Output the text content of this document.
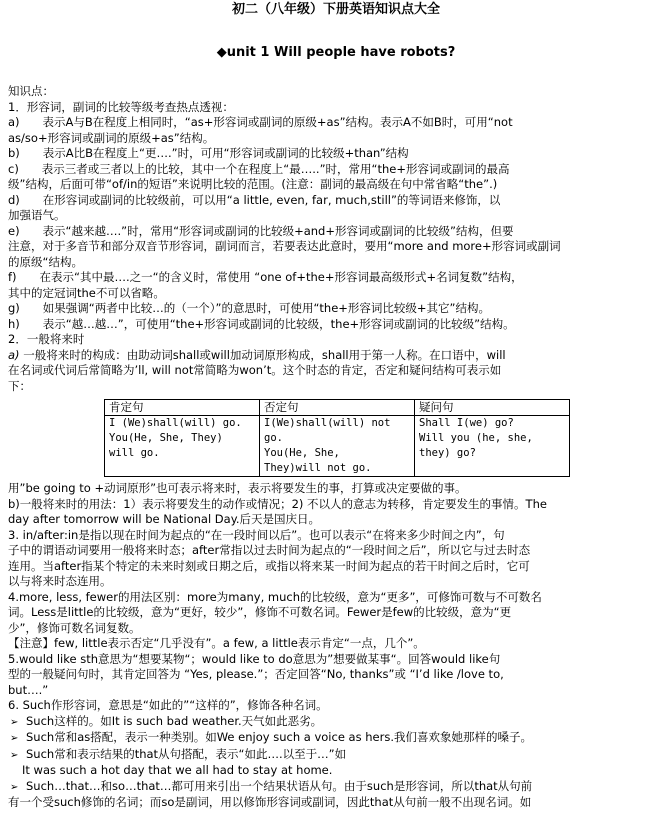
初二（八年级）下册英语知识点大全
◆unit 1 Will people have robots?

知识点：

1．形容词，副词的比较等级考查热点透视：

a)　　表示A与B在程度上相同时，“as+形容词或副词的原级+as”结构。表示A不如B时，可用“not

as/so+形容词或副词的原级+as”结构。

b)　　表示A比B在程度上“更….”时，可用“形容词或副词的比较级+than”结构

c)　　表示三者或三者以上的比较，其中一个在程度上“最…..”时，常用“the+形容词或副词的最高

级”结构，后面可带“of/in的短语”来说明比较的范围。(注意：副词的最高级在句中常省略“the”.)

d)　　在形容词或副词的比较级前，可以用“a little, even, far, much,still”的等词语来修饰，以

加强语气。

e)　　表示“越来越….”时，常用“形容词或副词的比较级+and+形容词或副词的比较级”结构，但要

注意，对于多音节和部分双音节形容词，副词而言，若要表达此意时，要用“more and more+形容词或副词

的原级“结构。

f)　　在表示“其中最….之一“的含义时，常使用 “one of+the+形容词最高级形式+名词复数”结构，

其中的定冠词the不可以省略。

g)　　如果强调“两者中比较…的（一个）”的意思时，可使用“the+形容词比较级+其它”结构。

h)　　表示“越…越…”，可使用“the+形容词或副词的比较级，the+形容词或副词的比较级”结构。

2．一般将来时

a) 一般将来时的构成：由助动词shall或will加动词原形构成，shall用于第一人称。在口语中，will

在名词或代词后常简略为’ll, will not常简略为won’t。这个时态的肯定，否定和疑问结构可表示如

下：

肯定句	否定句	疑问句
I (We)shall(will) go.
You(He, She, They)
will go.	I(We)shall(will) not
go.
You(He, She,
They)will not go.	Shall I(we) go?
Will you (he, she,
they) go?

用”be going to +动词原形”也可表示将来时，表示将要发生的事，打算或决定要做的事。

b)一般将来时的用法：1）表示将要发生的动作或情况；2) 不以人的意志为转移，肯定要发生的事情。The

day after tomorrow will be National Day.后天是国庆日。

3. in/after:in是指以现在时间为起点的“在一段时间以后”。也可以表示“在将来多少时间之内”，句

子中的谓语动词要用一般将来时态；after常指以过去时间为起点的“一段时间之后”，所以它与过去时态

连用。当after指某个特定的未来时刻或日期之后，或指以将来某一时间为起点的若干时间之后时，它可

以与将来时态连用。

4.more, less, fewer的用法区别：more为many, much的比较级，意为“更多”，可修饰可数与不可数名

词。Less是little的比较级，意为“更好，较少”，修饰不可数名词。Fewer是few的比较级，意为“更

少”，修饰可数名词复数。

【注意】few, little表示否定“几乎没有”。a few, a little表示肯定“一点，几个”。

5.would like sth意思为“想要某物“；would like to do意思为”想要做某事“。回答would like句

型的一般疑问句时，其肯定回答为 “Yes, please.”；否定回答“No, thanks”或 “I’d like /love to,

but….”

6. Such作形容词，意思是“如此的”“这样的”，修饰各种名词。

➢ Such这样的。如It is such bad weather.天气如此恶劣。

➢ Such常和as搭配，表示一种类别。如We enjoy such a voice as hers.我们喜欢象她那样的嗓子。

➢ Such常和表示结果的that从句搭配，表示“如此….以至于…”如

It was such a hot day that we all had to stay at home.

➢ Such…that…和so…that…都可用来引出一个结果状语从句。由于such是形容词，所以that从句前

有一个受such修饰的名词；而so是副词，用以修饰形容词或副词，因此that从句前一般不出现名词。如
